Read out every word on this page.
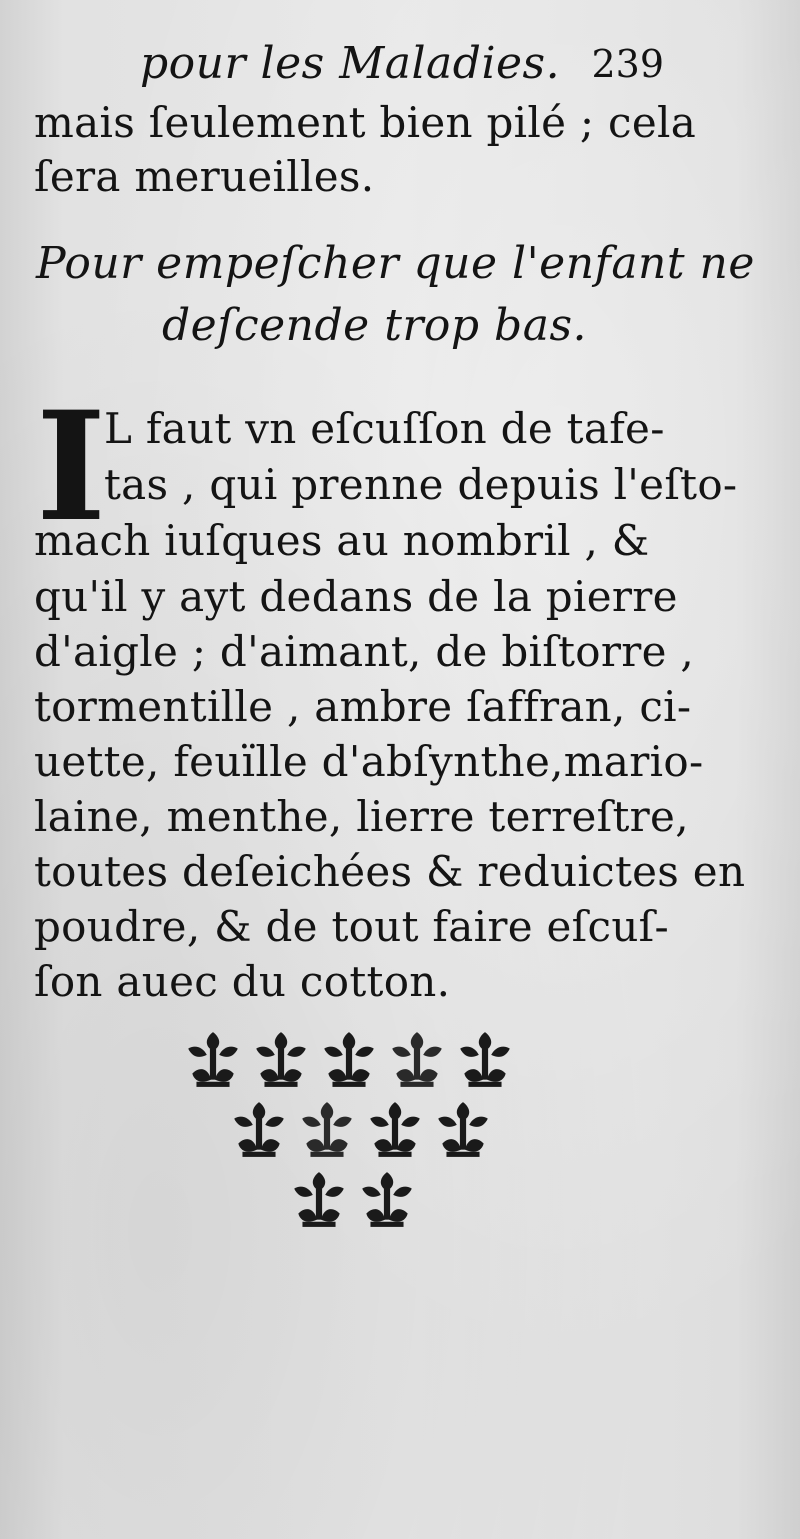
pour les Maladies. 239
mais ſeulement bien pilé ; cela
ſera merueilles.
Pour empeſcher que l'enfant ne
deſcende trop bas.
I
L faut vn eſcuſſon de tafe-
tas , qui prenne depuis l'eſto-
mach iuſques au nombril , &
qu'il y ayt dedans de la pierre
d'aigle ; d'aimant, de biſtorre ,
tormentille , ambre ſaffran, ci-
uette, feuïlle d'abſynthe,mario-
laine, menthe, lierre terreſtre,
toutes deſeichées & reduictes en
poudre, & de tout faire eſcuſ-
ſon auec du cotton.
